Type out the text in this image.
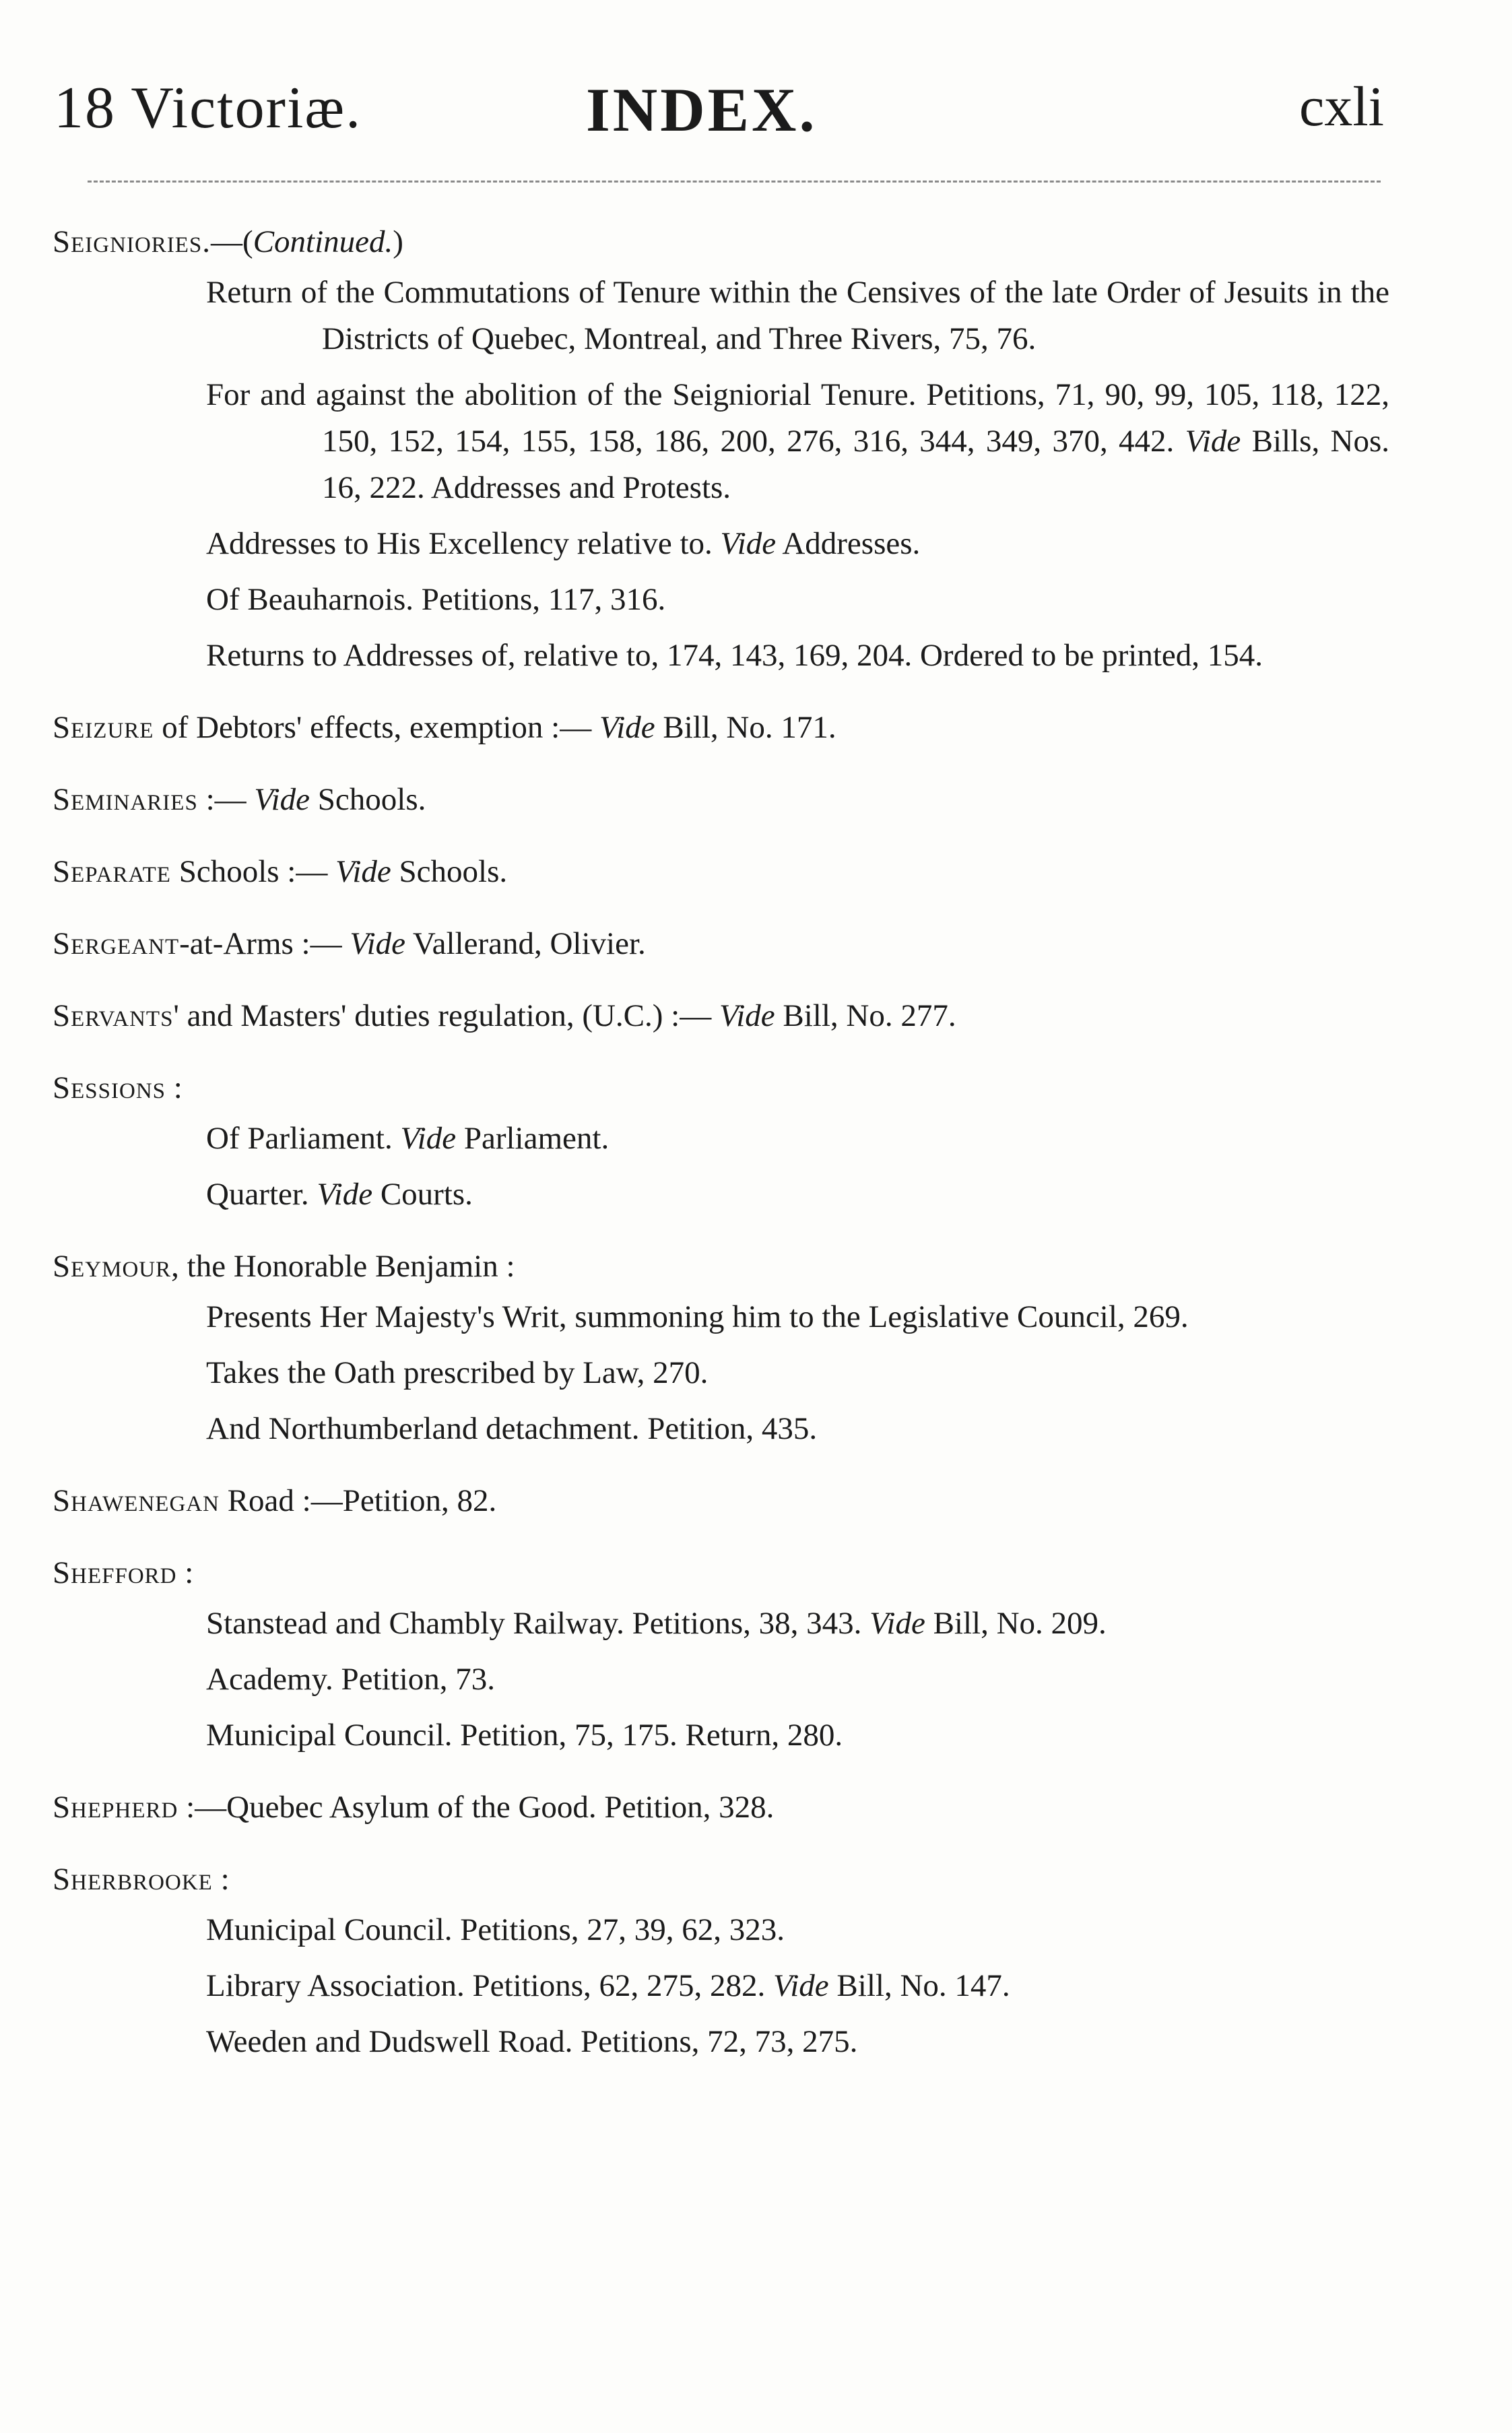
18 Victoriæ.	INDEX.	cxli
Seigniories.—(Continued.)
Return of the Commutations of Tenure within the Censives of the late Order of Jesuits in the Districts of Quebec, Montreal, and Three Rivers, 75, 76.
For and against the abolition of the Seigniorial Tenure. Petitions, 71, 90, 99, 105, 118, 122, 150, 152, 154, 155, 158, 186, 200, 276, 316, 344, 349, 370, 442. Vide Bills, Nos. 16, 222. Addresses and Protests.
Addresses to His Excellency relative to. Vide Addresses.
Of Beauharnois. Petitions, 117, 316.
Returns to Addresses of, relative to, 174, 143, 169, 204. Ordered to be printed, 154.
Seizure of Debtors' effects, exemption :— Vide Bill, No. 171.
Seminaries :— Vide Schools.
Separate Schools :— Vide Schools.
Sergeant-at-Arms :— Vide Vallerand, Olivier.
Servants' and Masters' duties regulation, (U.C.) :— Vide Bill, No. 277.
Sessions :
Of Parliament. Vide Parliament.
Quarter. Vide Courts.
Seymour, the Honorable Benjamin :
Presents Her Majesty's Writ, summoning him to the Legislative Council, 269.
Takes the Oath prescribed by Law, 270.
And Northumberland detachment. Petition, 435.
Shawenegan Road :—Petition, 82.
Shefford :
Stanstead and Chambly Railway. Petitions, 38, 343. Vide Bill, No. 209.
Academy. Petition, 73.
Municipal Council. Petition, 75, 175. Return, 280.
Shepherd :—Quebec Asylum of the Good. Petition, 328.
Sherbrooke :
Municipal Council. Petitions, 27, 39, 62, 323.
Library Association. Petitions, 62, 275, 282. Vide Bill, No. 147.
Weeden and Dudswell Road. Petitions, 72, 73, 275.
